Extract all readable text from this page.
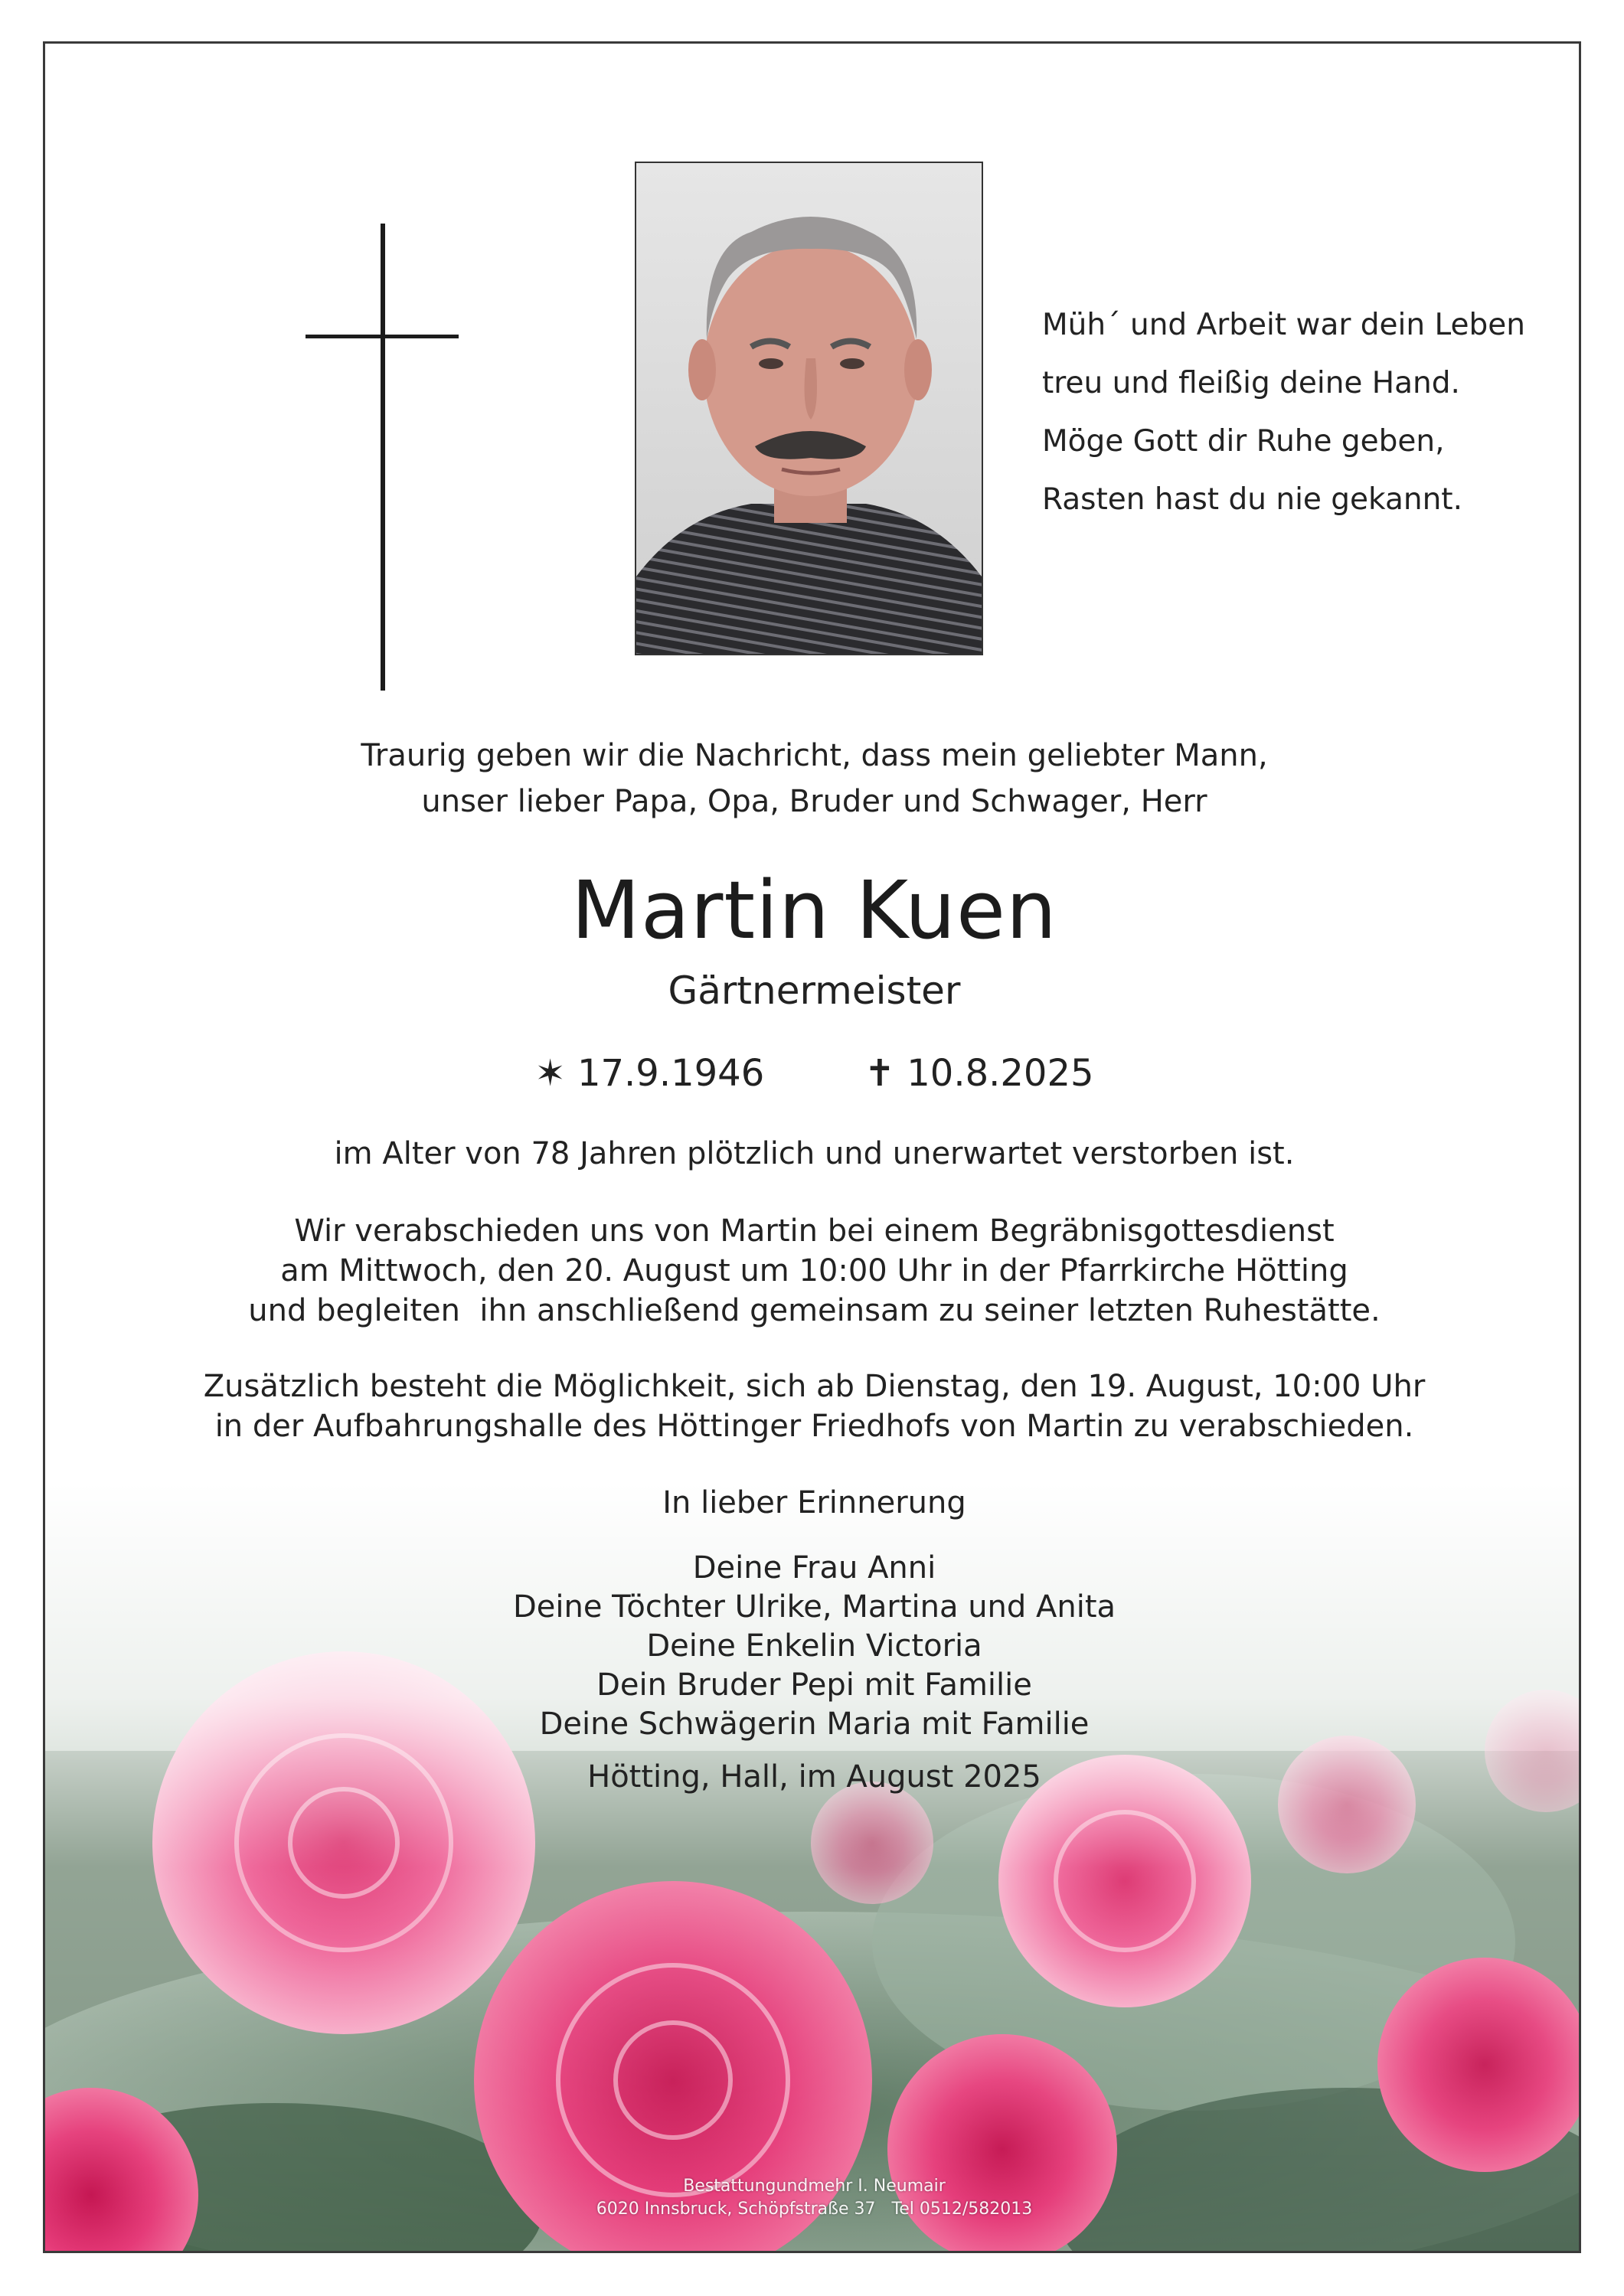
Müh´ und Arbeit war dein Leben
treu und fleißig deine Hand.
Möge Gott dir Ruhe geben,
Rasten hast du nie gekannt.
Traurig geben wir die Nachricht, dass mein geliebter Mann,
unser lieber Papa, Opa, Bruder und Schwager, Herr
Martin Kuen
Gärtnermeister
✶ 17.9.1946	✝ 10.8.2025
im Alter von 78 Jahren plötzlich und unerwartet verstorben ist.
Wir verabschieden uns von Martin bei einem Begräbnisgottesdienst
am Mittwoch, den 20. August um 10:00 Uhr in der Pfarrkirche Hötting
und begleiten  ihn anschließend gemeinsam zu seiner letzten Ruhestätte.
Zusätzlich besteht die Möglichkeit, sich ab Dienstag, den 19. August, 10:00 Uhr
in der Aufbahrungshalle des Höttinger Friedhofs von Martin zu verabschieden.
In lieber Erinnerung
Deine Frau Anni
Deine Töchter Ulrike, Martina und Anita
Deine Enkelin Victoria
Dein Bruder Pepi mit Familie
Deine Schwägerin Maria mit Familie
Hötting, Hall, im August 2025
Bestattungundmehr I. Neumair
6020 Innsbruck, Schöpfstraße 37   Tel 0512/582013
